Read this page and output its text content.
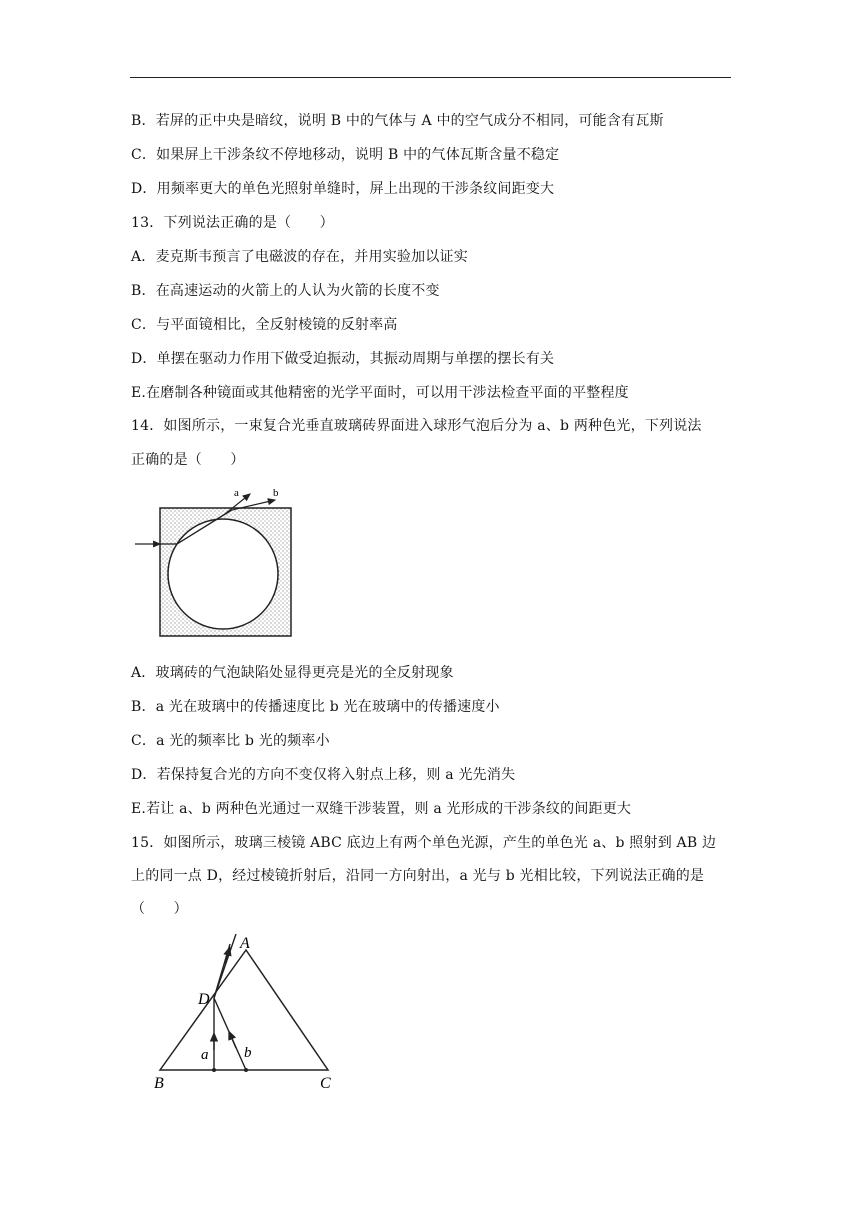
B．若屏的正中央是暗纹，说明 B 中的气体与 A 中的空气成分不相同，可能含有瓦斯
C．如果屏上干涉条纹不停地移动，说明 B 中的气体瓦斯含量不稳定
D．用频率更大的单色光照射单缝时，屏上出现的干涉条纹间距变大
13．下列说法正确的是（　　）
A．麦克斯韦预言了电磁波的存在，并用实验加以证实
B．在高速运动的火箭上的人认为火箭的长度不变
C．与平面镜相比，全反射棱镜的反射率高
D．单摆在驱动力作用下做受迫振动，其振动周期与单摆的摆长有关
E.在磨制各种镜面或其他精密的光学平面时，可以用干涉法检查平面的平整程度
14．如图所示，一束复合光垂直玻璃砖界面进入球形气泡后分为 a、b 两种色光，下列说法
正确的是（　　）
a	b
A．玻璃砖的气泡缺陷处显得更亮是光的全反射现象
B．a 光在玻璃中的传播速度比 b 光在玻璃中的传播速度小
C．a 光的频率比 b 光的频率小
D．若保持复合光的方向不变仅将入射点上移，则 a 光先消失
E.若让 a、b 两种色光通过一双缝干涉装置，则 a 光形成的干涉条纹的间距更大
15．如图所示，玻璃三棱镜 ABC 底边上有两个单色光源，产生的单色光 a、b 照射到 AB 边
上的同一点 D，经过棱镜折射后，沿同一方向射出，a 光与 b 光相比较，下列说法正确的是
（　　）
A
B	C
D
a b
